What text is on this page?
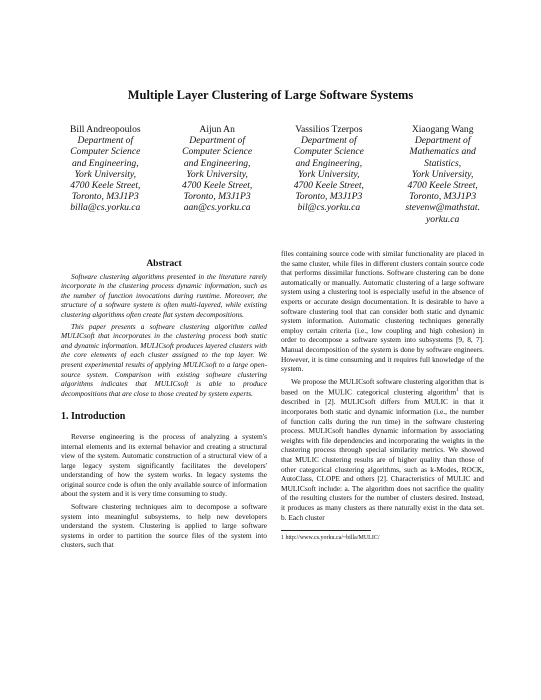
Multiple Layer Clustering of Large Software Systems
Bill Andreopoulos
Department of
Computer Science
and Engineering,
York University,
4700 Keele Street,
Toronto, M3J1P3
billa@cs.yorku.ca
Aijun An
Department of
Computer Science
and Engineering,
York University,
4700 Keele Street,
Toronto, M3J1P3
aan@cs.yorku.ca
Vassilios Tzerpos
Department of
Computer Science
and Engineering,
York University,
4700 Keele Street,
Toronto, M3J1P3
bil@cs.yorku.ca
Xiaogang Wang
Department of
Mathematics and
Statistics,
York University,
4700 Keele Street,
Toronto, M3J1P3
stevenw@mathstat.
yorku.ca
Abstract

Software clustering algorithms presented in the literature rarely incorporate in the clustering process dynamic information, such as the number of function invocations during runtime. Moreover, the structure of a software system is often multi-layered, while existing clustering algorithms often create flat system decompositions.

This paper presents a software clustering algorithm called MULICsoft that incorporates in the clustering process both static and dynamic information. MULICsoft produces layered clusters with the core elements of each cluster assigned to the top layer. We present experimental results of applying MULICsoft to a large open-source system. Comparison with existing software clustering algorithms indicates that MULICsoft is able to produce decompositions that are close to those created by system experts.

1. Introduction

Reverse engineering is the process of analyzing a system's internal elements and its external behavior and creating a structural view of the system. Automatic construction of a structural view of a large legacy system significantly facilitates the developers' understanding of how the system works. In legacy systems the original source code is often the only available source of information about the system and it is very time consuming to study.

Software clustering techniques aim to decompose a software system into meaningful subsystems, to help new developers understand the system. Clustering is applied to large software systems in order to partition the source files of the system into clusters, such that

files containing source code with similar functionality are placed in the same cluster, while files in different clusters contain source code that performs dissimilar functions. Software clustering can be done automatically or manually. Automatic clustering of a large software system using a clustering tool is especially useful in the absence of experts or accurate design documentation. It is desirable to have a software clustering tool that can consider both static and dynamic system information. Automatic clustering techniques generally employ certain criteria (i.e., low coupling and high cohesion) in order to decompose a software system into subsystems [9, 8, 7]. Manual decomposition of the system is done by software engineers. However, it is time consuming and it requires full knowledge of the system.

We propose the MULICsoft software clustering algorithm that is based on the MULIC categorical clustering algorithm$^1$ that is described in [2]. MULICsoft differs from MULIC in that it incorporates both static and dynamic information (i.e., the number of function calls during the run time) in the software clustering process. MULICsoft handles dynamic information by associating weights with file dependencies and incorporating the weights in the clustering process through special similarity metrics. We showed that MULIC clustering results are of higher quality than those of other categorical clustering algorithms, such as k-Modes, ROCK, AutoClass, CLOPE and others [2]. Characteristics of MULIC and MULICsoft include: a. The algorithm does not sacrifice the quality of the resulting clusters for the number of clusters desired. Instead, it produces as many clusters as there naturally exist in the data set. b. Each cluster

1 http://www.cs.yorku.ca/~billa/MULIC/
